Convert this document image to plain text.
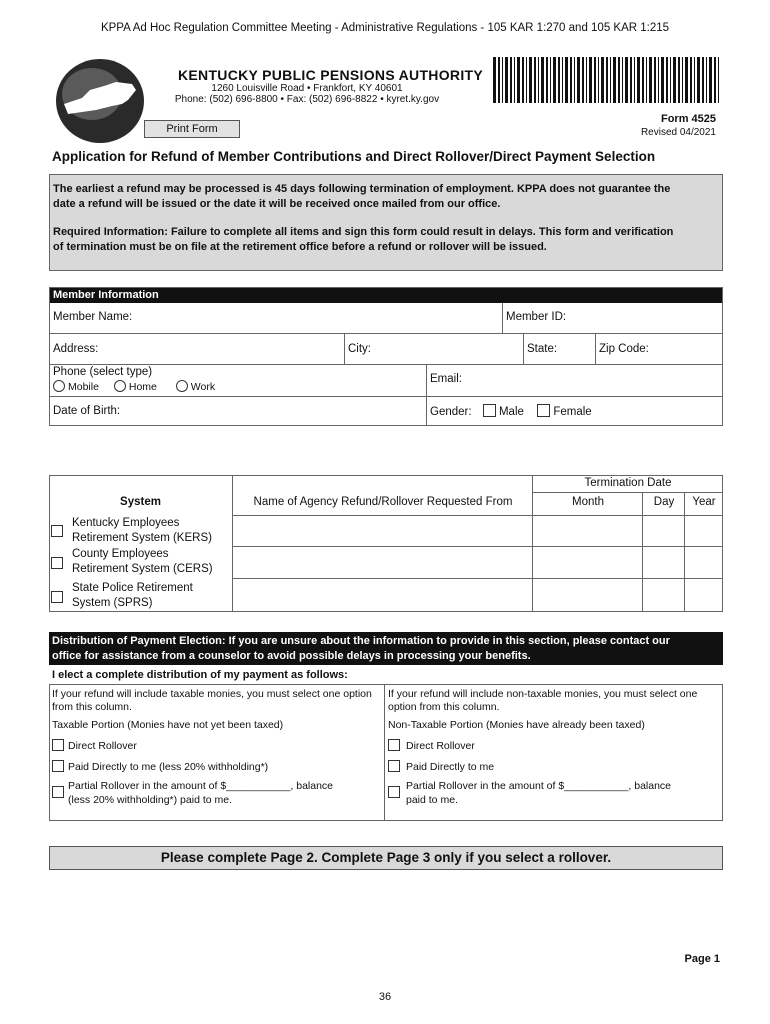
KPPA Ad Hoc Regulation Committee Meeting - Administrative Regulations - 105 KAR 1:270 and 105 KAR 1:215
KENTUCKY PUBLIC PENSIONS AUTHORITY
1260 Louisville Road • Frankfort, KY 40601
Phone: (502) 696-8800 • Fax: (502) 696-8822 • kyret.ky.gov
Print Form
Form 4525
Revised 04/2021
Application for Refund of Member Contributions and Direct Rollover/Direct Payment Selection
The earliest a refund may be processed is 45 days following termination of employment. KPPA does not guarantee the
date a refund will be issued or the date it will be received once mailed from our office.
Required Information: Failure to complete all items and sign this form could result in delays. This form and verification
of termination must be on file at the retirement office before a refund or rollover will be issued.
Member Information
Member Name:	Member ID:
Address:	City:	State:	Zip Code:
Phone (select type)
Mobile	Home	Work
Email:
Date of Birth:	Gender: Male	Female
System	Name of Agency Refund/Rollover Requested From
Termination Date
Month	Day	Year
Kentucky Employees
Retirement System (KERS)
County Employees
Retirement System (CERS)
State Police Retirement
System (SPRS)
Distribution of Payment Election: If you are unsure about the information to provide in this section, please contact our
office for assistance from a counselor to avoid possible delays in processing your benefits.
I elect a complete distribution of my payment as follows:
If your refund will include taxable monies, you must select one option
from this column.
Taxable Portion (Monies have not yet been taxed)
Direct Rollover
Paid Directly to me (less 20% withholding*)
Partial Rollover in the amount of $___________, balance
(less 20% withholding*) paid to me.
If your refund will include non-taxable monies, you must select one
option from this column.
Non-Taxable Portion (Monies have already been taxed)
Direct Rollover
Paid Directly to me
Partial Rollover in the amount of $___________, balance
paid to me.
Please complete Page 2. Complete Page 3 only if you select a rollover.
Page 1
36
